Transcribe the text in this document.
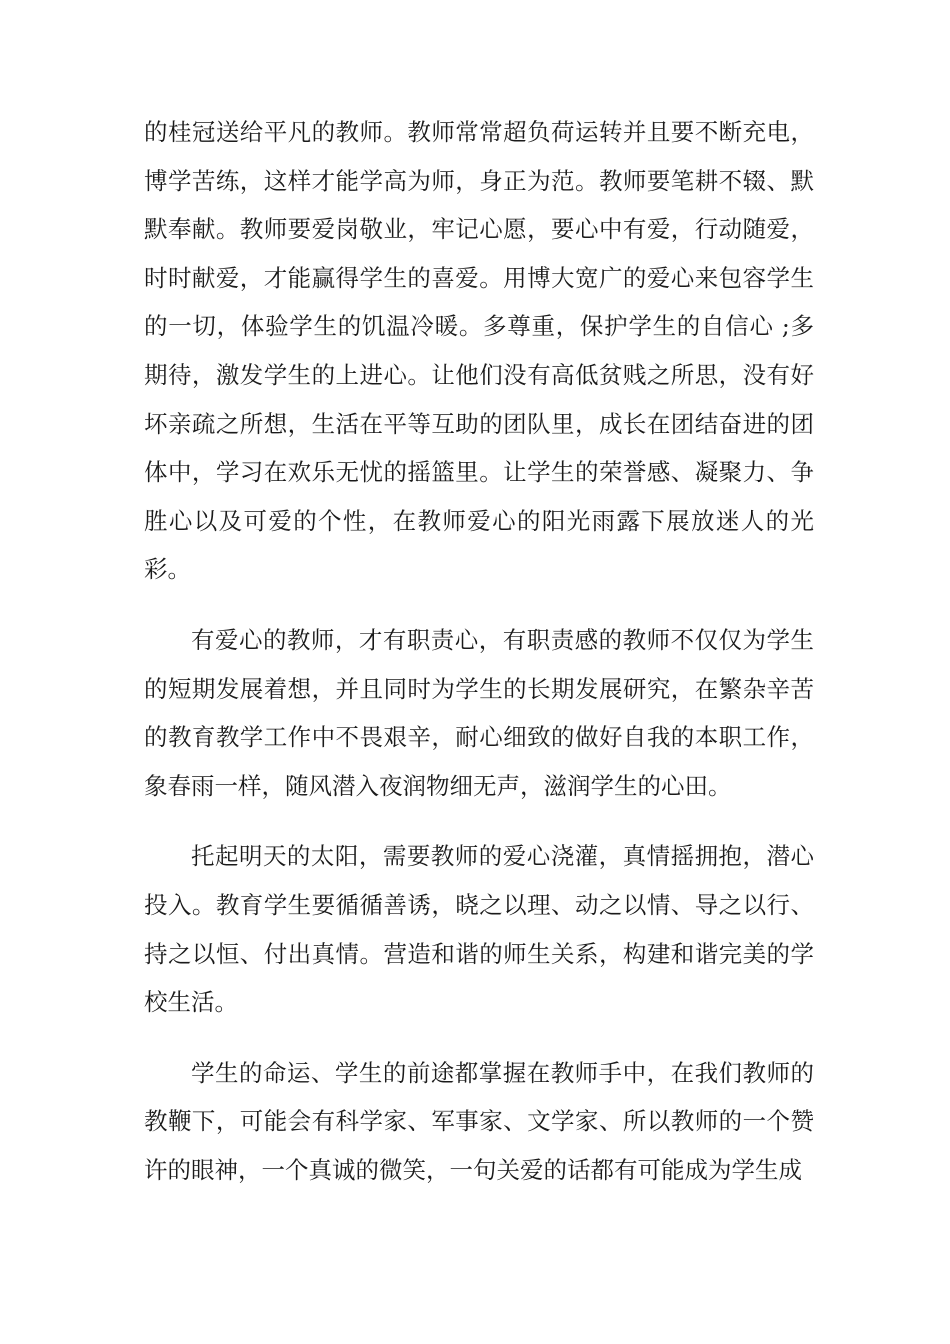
的桂冠送给平凡的教师。教师常常超负荷运转并且要不断充电，博学苦练，这样才能学高为师，身正为范。教师要笔耕不辍、默默奉献。教师要爱岗敬业，牢记心愿，要心中有爱，行动随爱，时时献爱，才能赢得学生的喜爱。用博大宽广的爱心来包容学生的一切，体验学生的饥温冷暖。多尊重，保护学生的自信心 ;多期待，激发学生的上进心。让他们没有高低贫贱之所思，没有好坏亲疏之所想，生活在平等互助的团队里，成长在团结奋进的团体中，学习在欢乐无忧的摇篮里。让学生的荣誉感、凝聚力、争胜心以及可爱的个性，在教师爱心的阳光雨露下展放迷人的光彩。

有爱心的教师，才有职责心，有职责感的教师不仅仅为学生的短期发展着想，并且同时为学生的长期发展研究，在繁杂辛苦的教育教学工作中不畏艰辛，耐心细致的做好自我的本职工作，象春雨一样，随风潜入夜润物细无声，滋润学生的心田。

托起明天的太阳，需要教师的爱心浇灌，真情摇拥抱，潜心投入。教育学生要循循善诱，晓之以理、动之以情、导之以行、持之以恒、付出真情。营造和谐的师生关系，构建和谐完美的学校生活。

学生的命运、学生的前途都掌握在教师手中，在我们教师的教鞭下，可能会有科学家、军事家、文学家、所以教师的一个赞许的眼神，一个真诚的微笑，一句关爱的话都有可能成为学生成
